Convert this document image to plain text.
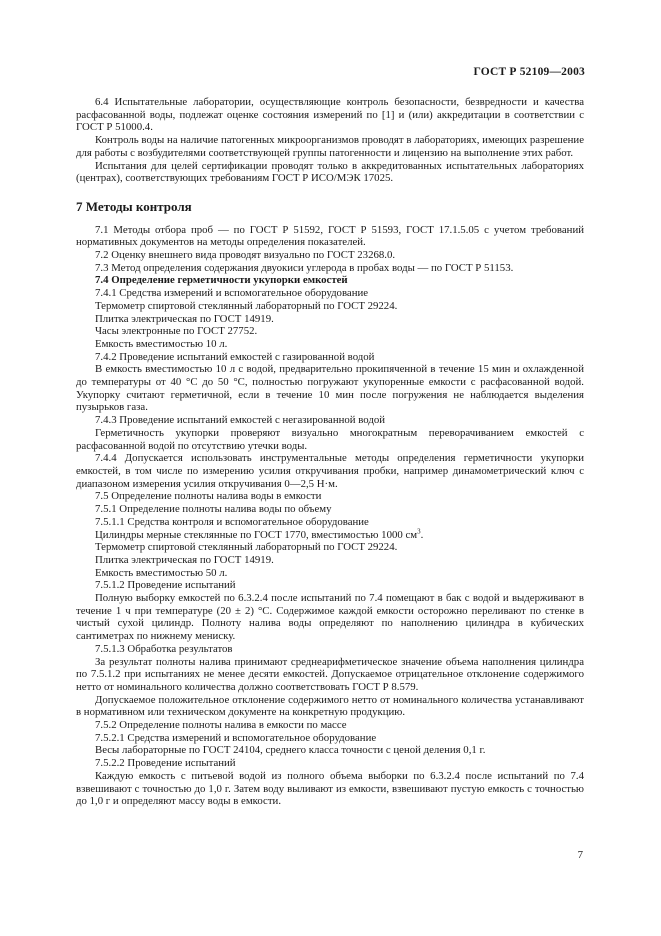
ГОСТ Р 52109—2003

6.4 Испытательные лаборатории, осуществляющие контроль безопасности, безвредности и качества расфасованной воды, подлежат оценке состояния измерений по [1] и (или) аккредитации в соответствии с ГОСТ Р 51000.4.

Контроль воды на наличие патогенных микроорганизмов проводят в лабораториях, имеющих разрешение для работы с возбудителями соответствующей группы патогенности и лицензию на выполнение этих работ.

Испытания для целей сертификации проводят только в аккредитованных испытательных лабораториях (центрах), соответствующих требованиям ГОСТ Р ИСО/МЭК 17025.

7 Методы контроля

7.1 Методы отбора проб — по ГОСТ Р 51592, ГОСТ Р 51593, ГОСТ 17.1.5.05 с учетом требований нормативных документов на методы определения показателей.

7.2 Оценку внешнего вида проводят визуально по ГОСТ 23268.0.

7.3 Метод определения содержания двуокиси углерода в пробах воды — по ГОСТ Р 51153.

7.4 Определение герметичности укупорки емкостей

7.4.1 Средства измерений и вспомогательное оборудование

Термометр спиртовой стеклянный лабораторный по ГОСТ 29224.

Плитка электрическая по ГОСТ 14919.

Часы электронные по ГОСТ 27752.

Емкость вместимостью 10 л.

7.4.2 Проведение испытаний емкостей с газированной водой

В емкость вместимостью 10 л с водой, предварительно прокипяченной в течение 15 мин и охлажденной до температуры от 40 °С до 50 °С, полностью погружают укупоренные емкости с расфасованной водой. Укупорку считают герметичной, если в течение 10 мин после погружения не наблюдается выделения пузырьков газа.

7.4.3 Проведение испытаний емкостей с негазированной водой

Герметичность укупорки проверяют визуально многократным переворачиванием емкостей с расфасованной водой по отсутствию утечки воды.

7.4.4 Допускается использовать инструментальные методы определения герметичности укупорки емкостей, в том числе по измерению усилия откручивания пробки, например динамометрический ключ с диапазоном измерения усилия откручивания 0—2,5 Н·м.

7.5 Определение полноты налива воды в емкости

7.5.1 Определение полноты налива воды по объему

7.5.1.1 Средства контроля и вспомогательное оборудование

Цилиндры мерные стеклянные по ГОСТ 1770, вместимостью 1000 $см^3$.

Термометр спиртовой стеклянный лабораторный по ГОСТ 29224.

Плитка электрическая по ГОСТ 14919.

Емкость вместимостью 50 л.

7.5.1.2 Проведение испытаний

Полную выборку емкостей по 6.3.2.4 после испытаний по 7.4 помещают в бак с водой и выдерживают в течение 1 ч при температуре (20 ± 2) °С. Содержимое каждой емкости осторожно переливают по стенке в чистый сухой цилиндр. Полноту налива воды определяют по наполнению цилиндра в кубических сантиметрах по нижнему мениску.

7.5.1.3 Обработка результатов

За результат полноты налива принимают среднеарифметическое значение объема наполнения цилиндра по 7.5.1.2 при испытаниях не менее десяти емкостей. Допускаемое отрицательное отклонение содержимого нетто от номинального количества должно соответствовать ГОСТ Р 8.579.

Допускаемое положительное отклонение содержимого нетто от номинального количества устанавливают в нормативном или техническом документе на конкретную продукцию.

7.5.2 Определение полноты налива в емкости по массе

7.5.2.1 Средства измерений и вспомогательное оборудование

Весы лабораторные по ГОСТ 24104, среднего класса точности с ценой деления 0,1 г.

7.5.2.2 Проведение испытаний

Каждую емкость с питьевой водой из полного объема выборки по 6.3.2.4 после испытаний по 7.4 взвешивают с точностью до 1,0 г. Затем воду выливают из емкости, взвешивают пустую емкость с точностью до 1,0 г и определяют массу воды в емкости.

7
